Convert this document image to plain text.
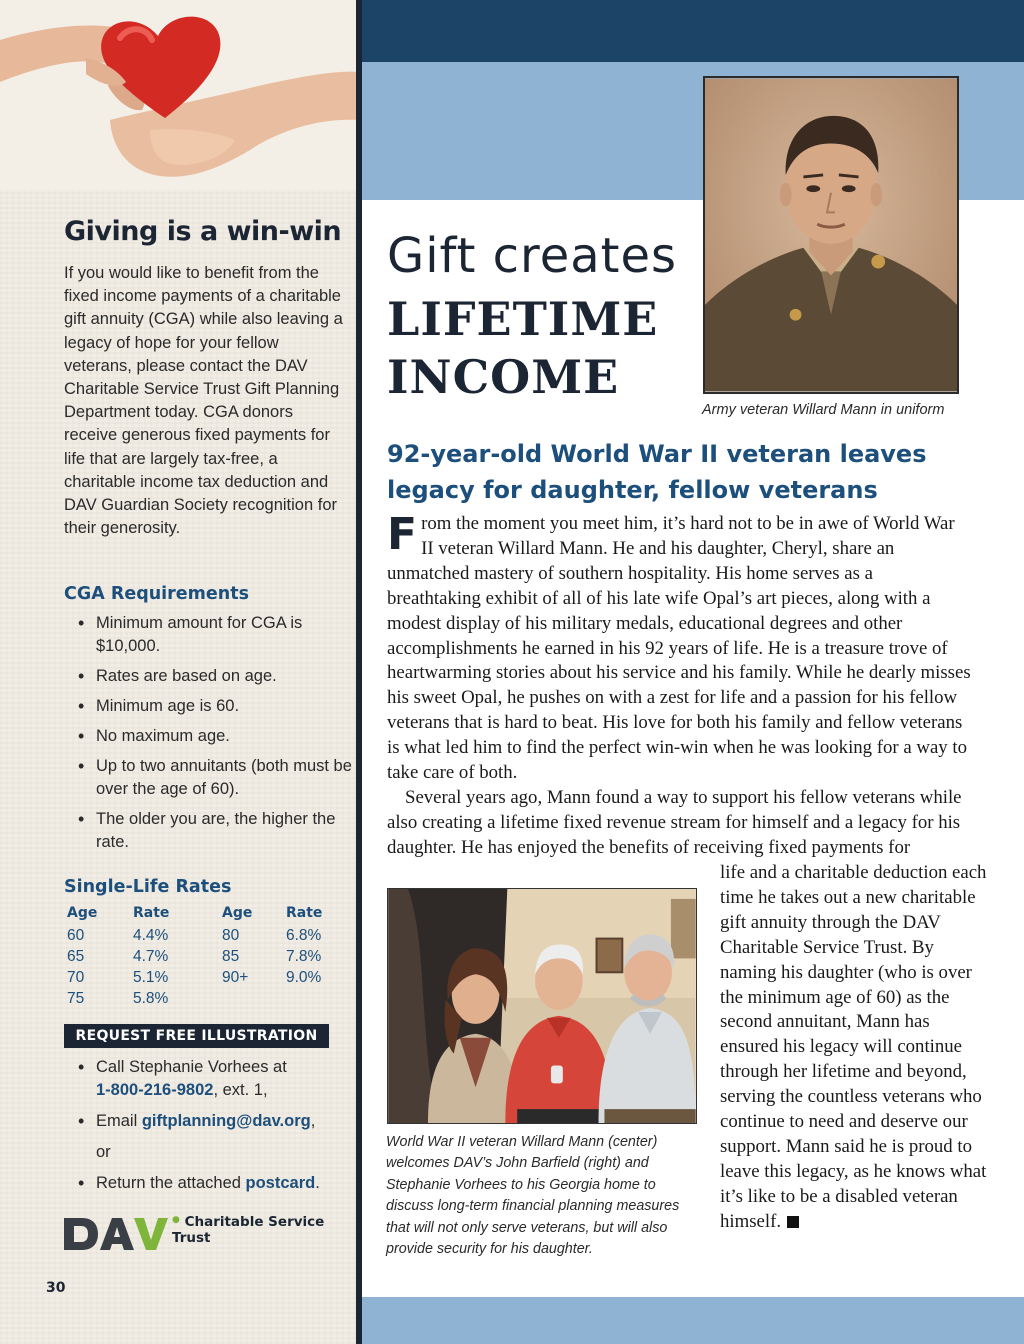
Giving is a win-win

If you would like to benefit from the fixed income payments of a charitable gift annuity (CGA) while also leaving a legacy of hope for your fellow veterans, please contact the DAV Charitable Service Trust Gift Planning Department today. CGA donors receive generous fixed payments for life that are largely tax-free, a charitable income tax deduction and DAV Guardian Society recognition for their generosity.

CGA Requirements
• Minimum amount for CGA is $10,000.
• Rates are based on age.
• Minimum age is 60.
• No maximum age.
• Up to two annuitants (both must be over the age of 60).
• The older you are, the higher the rate.
Single-Life Rates
Age	Rate	Age	Rate
60	4.4%	80	6.8%
65	4.7%	85	7.8%
70	5.1%	90+	9.0%
75	5.8%		
REQUEST FREE ILLUSTRATION
• Call Stephanie Vorhees at
1-800-216-9802, ext. 1,
• Email giftplanning@dav.org,
or
• Return the attached postcard.
DAV
● Charitable Service Trust
30
Gift creates
LIFETIME
INCOME
Army veteran Willard Mann in uniform
92-year-old World War II veteran leaves legacy for daughter, fellow veterans
From the moment you meet him, it’s hard not to be in awe of World War II veteran Willard Mann. He and his daughter, Cheryl, share an unmatched mastery of southern hospitality. His home serves as a breathtaking exhibit of all of his late wife Opal’s art pieces, along with a modest display of his military medals, educational degrees and other accomplishments he earned in his 92 years of life. He is a treasure trove of heartwarming stories about his service and his family. While he dearly misses his sweet Opal, he pushes on with a zest for life and a passion for his fellow veterans that is hard to beat. His love for both his family and fellow veterans is what led him to find the perfect win-win when he was looking for a way to take care of both.
Several years ago, Mann found a way to support his fellow veterans while also creating a lifetime fixed revenue stream for himself and a legacy for his daughter. He has enjoyed the benefits of receiving fixed payments for

World War II veteran Willard Mann (center) welcomes DAV’s John Barfield (right) and Stephanie Vorhees to his Georgia home to discuss long-term financial planning measures that will not only serve veterans, but will also provide security for his daughter.

life and a charitable deduction each time he takes out a new charitable gift annuity through the DAV Charitable Service Trust. By naming his daughter (who is over the minimum age of 60) as the second annuitant, Mann has ensured his legacy will continue through her lifetime and beyond, serving the countless veterans who continue to need and deserve our support. Mann said he is proud to leave this legacy, as he knows what it’s like to be a disabled veteran himself.
